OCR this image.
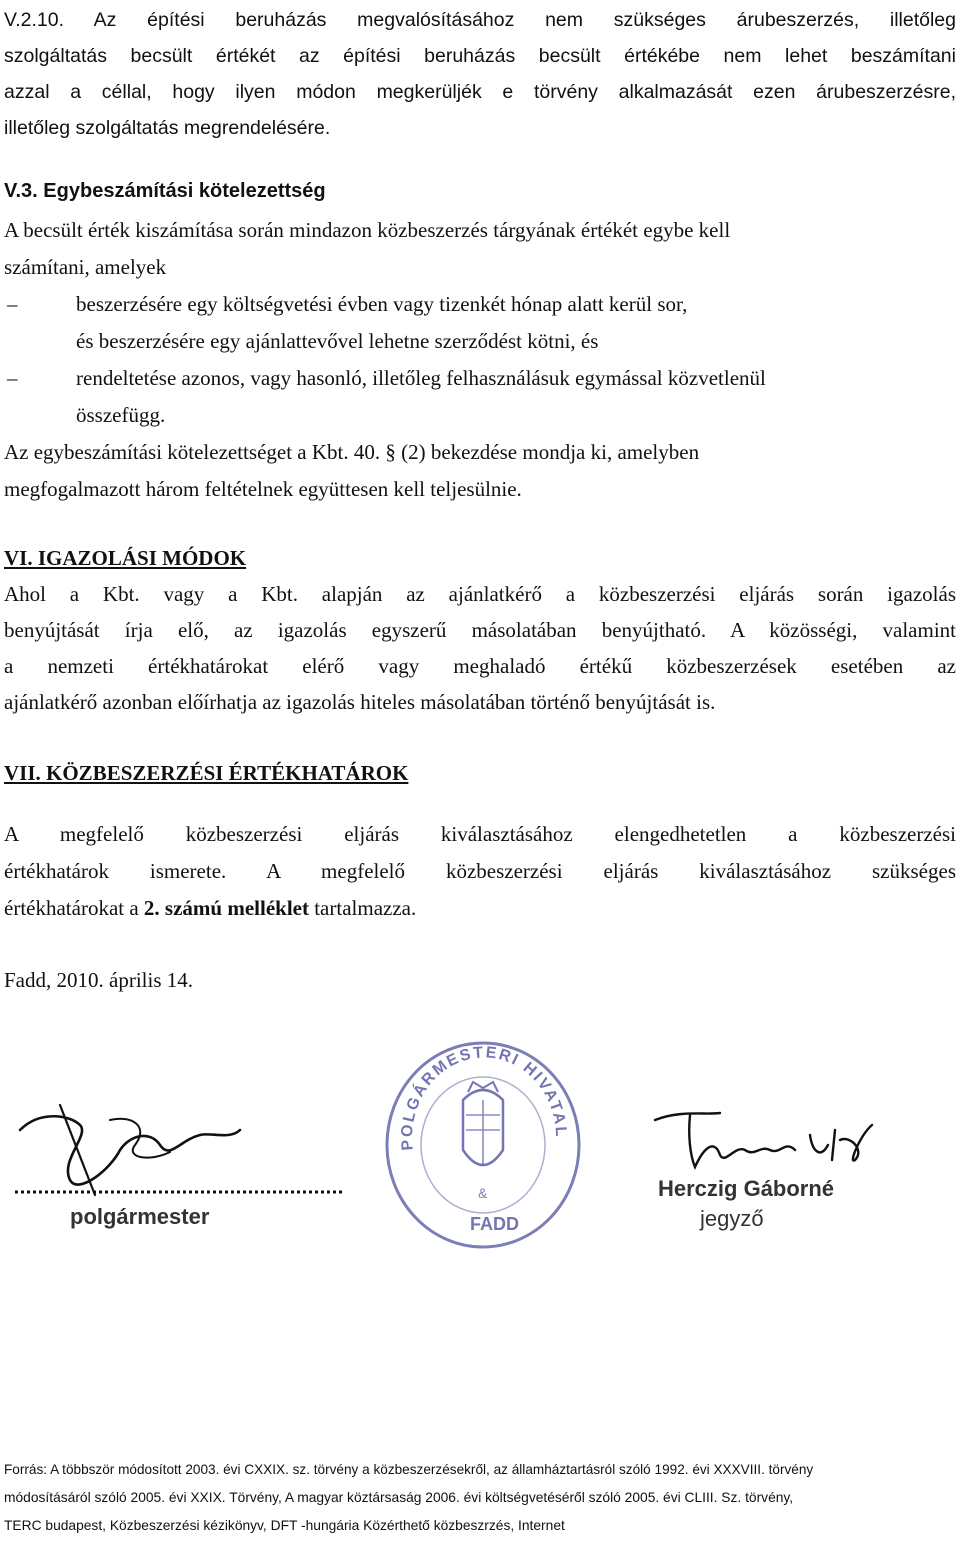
V.2.10. Az építési beruházás megvalósításához nem szükséges árubeszerzés, illetőleg
szolgáltatás becsült értékét az építési beruházás becsült értékébe nem lehet beszámítani
azzal a céllal, hogy ilyen módon megkerüljék e törvény alkalmazását ezen árubeszerzésre,
illetőleg szolgáltatás megrendelésére.
V.3. Egybeszámítási kötelezettség
A becsült érték kiszámítása során mindazon közbeszerzés tárgyának értékét egybe kell
számítani, amelyek
–	beszerzésére egy költségvetési évben vagy tizenkét hónap alatt kerül sor,
és beszerzésére egy ajánlattevővel lehetne szerződést kötni, és
–	rendeltetése azonos, vagy hasonló, illetőleg felhasználásuk egymással közvetlenül
összefügg.
Az egybeszámítási kötelezettséget a Kbt. 40. § (2) bekezdése mondja ki, amelyben
megfogalmazott három feltételnek együttesen kell teljesülnie.
VI. IGAZOLÁSI MÓDOK
Ahol a Kbt. vagy a Kbt. alapján az ajánlatkérő a közbeszerzési eljárás során igazolás
benyújtását írja elő, az igazolás egyszerű másolatában benyújtható. A közösségi, valamint
a nemzeti értékhatárokat elérő vagy meghaladó értékű közbeszerzések esetében az
ajánlatkérő azonban előírhatja az igazolás hiteles másolatában történő benyújtását is.
VII. KÖZBESZERZÉSI ÉRTÉKHATÁROK
A megfelelő közbeszerzési eljárás kiválasztásához elengedhetetlen a közbeszerzési
értékhatárok ismerete. A megfelelő közbeszerzési eljárás kiválasztásához szükséges
értékhatárokat a 2. számú melléklet tartalmazza.
Fadd, 2010. április 14.
polgármester
POLGÁRMESTERI HIVATAL
FADD
&	Herczig Gáborné
jegyző
Forrás: A többször módosított 2003. évi CXXIX. sz. törvény a közbeszerzésekről, az államháztartásról szóló 1992. évi XXXVIII. törvény
módosításáról szóló 2005. évi XXIX. Törvény, A magyar köztársaság 2006. évi költségvetéséről szóló 2005. évi CLIII. Sz. törvény,
TERC budapest, Közbeszerzési kézikönyv, DFT -hungária Közérthető közbeszrzés, Internet
